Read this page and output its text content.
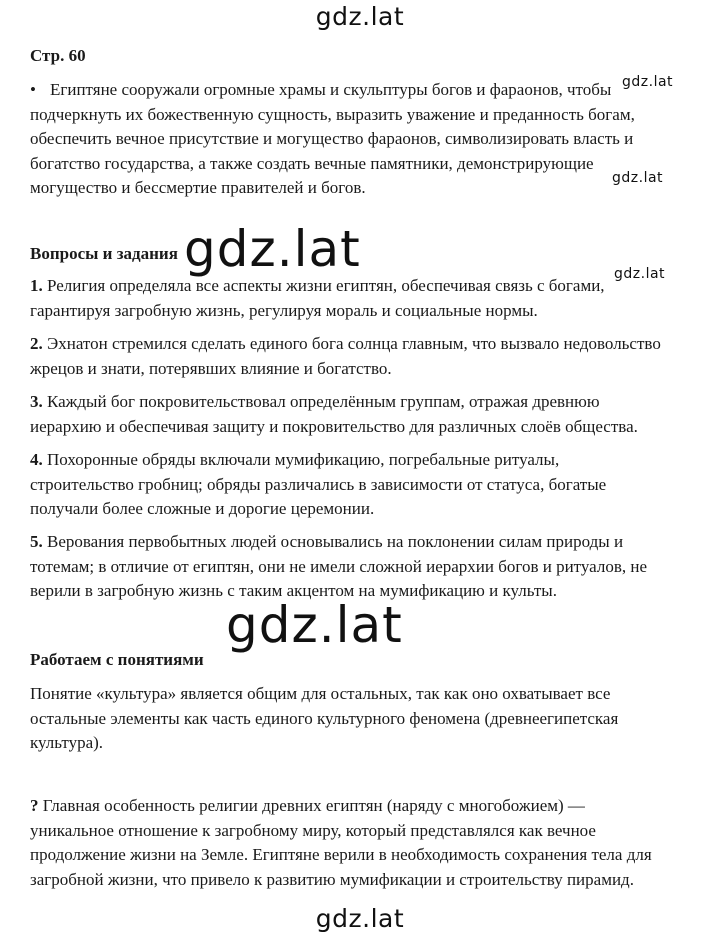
gdz.lat

Стр. 60

• Египтяне сооружали огромные храмы и скульптуры богов и фараонов, чтобы
подчеркнуть их божественную сущность, выразить уважение и преданность богам,
обеспечить вечное присутствие и могущество фараонов, символизировать власть и
богатство государства, а также создать вечные памятники, демонстрирующие
могущество и бессмертие правителей и богов.

Вопросы и задания

1. Религия определяла все аспекты жизни египтян, обеспечивая связь с богами,
гарантируя загробную жизнь, регулируя мораль и социальные нормы.
2. Эхнатон стремился сделать единого бога солнца главным, что вызвало недовольство
жрецов и знати, потерявших влияние и богатство.
3. Каждый бог покровительствовал определённым группам, отражая древнюю
иерархию и обеспечивая защиту и покровительство для различных слоёв общества.
4. Похоронные обряды включали мумификацию, погребальные ритуалы,
строительство гробниц; обряды различались в зависимости от статуса, богатые
получали более сложные и дорогие церемонии.
5. Верования первобытных людей основывались на поклонении силам природы и
тотемам; в отличие от египтян, они не имели сложной иерархии богов и ритуалов, не
верили в загробную жизнь с таким акцентом на мумификацию и культы.

Работаем с понятиями

Понятие «культура» является общим для остальных, так как оно охватывает все
остальные элементы как часть единого культурного феномена (древнеегипетская
культура).
? Главная особенность религии древних египтян (наряду с многобожием) —
уникальное отношение к загробному миру, который представлялся как вечное
продолжение жизни на Земле. Египтяне верили в необходимость сохранения тела для
загробной жизни, что привело к развитию мумификации и строительству пирамид.
gdz.lat
gdz.lat
gdz.lat
gdz.lat
gdz.lat
gdz.lat
